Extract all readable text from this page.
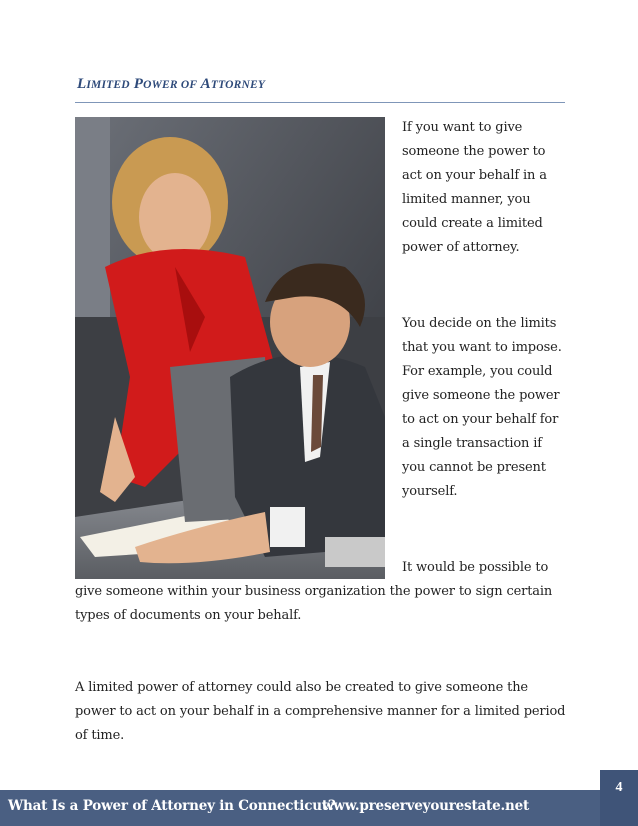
LIMITED POWER OF ATTORNEY
If you want to give
someone the power to
act on your behalf in a
limited manner, you
could create a limited
power of attorney.
You decide on the limits
that you want to impose.
For example, you could
give someone the power
to act on your behalf for
a single transaction if
you cannot be present
yourself.
It would be possible to
give someone within your business organization the power to sign certain
types of documents on your behalf.
A limited power of attorney could also be created to give someone the
power to act on your behalf in a comprehensive manner for a limited period
of time.
4
What Is a Power of Attorney in Connecticut?
www.preserveyourestate.net
